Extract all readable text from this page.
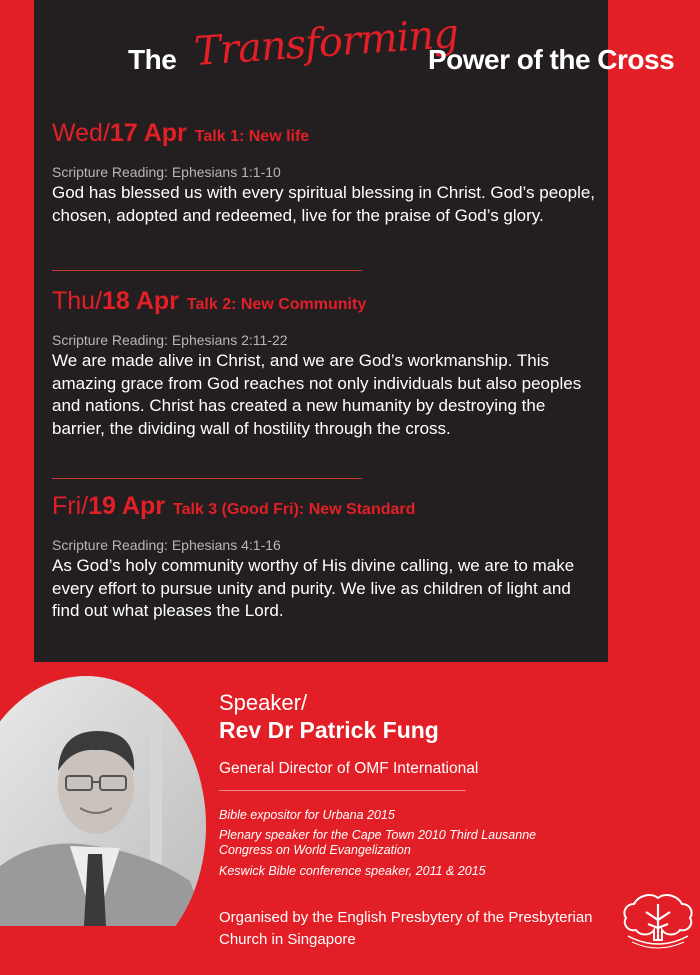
The Transforming
Power of the Cross
Wed/17 Apr Talk 1: New life
Scripture Reading: Ephesians 1:1-10
God has blessed us with every spiritual blessing in Christ. God’s people, chosen, adopted and redeemed, live for the praise of God’s glory.
Thu/18 Apr Talk 2: New Community
Scripture Reading: Ephesians 2:11-22
We are made alive in Christ, and we are God’s workmanship. This amazing grace from God reaches not only individuals but also peoples and nations. Christ has created a new humanity by destroying the barrier, the dividing wall of hostility through the cross.
Fri/19 Apr Talk 3 (Good Fri): New Standard
Scripture Reading: Ephesians 4:1-16
As God’s holy community worthy of His divine calling, we are to make every effort to pursue unity and purity. We live as children of light and find out what pleases the Lord.
Speaker/
Rev Dr Patrick Fung
General Director of OMF International
Bible expositor for Urbana 2015
Plenary speaker for the Cape Town 2010 Third Lausanne Congress on World Evangelization
Keswick Bible conference speaker, 2011 & 2015
Organised by the English Presbytery of the Presbyterian Church in Singapore
